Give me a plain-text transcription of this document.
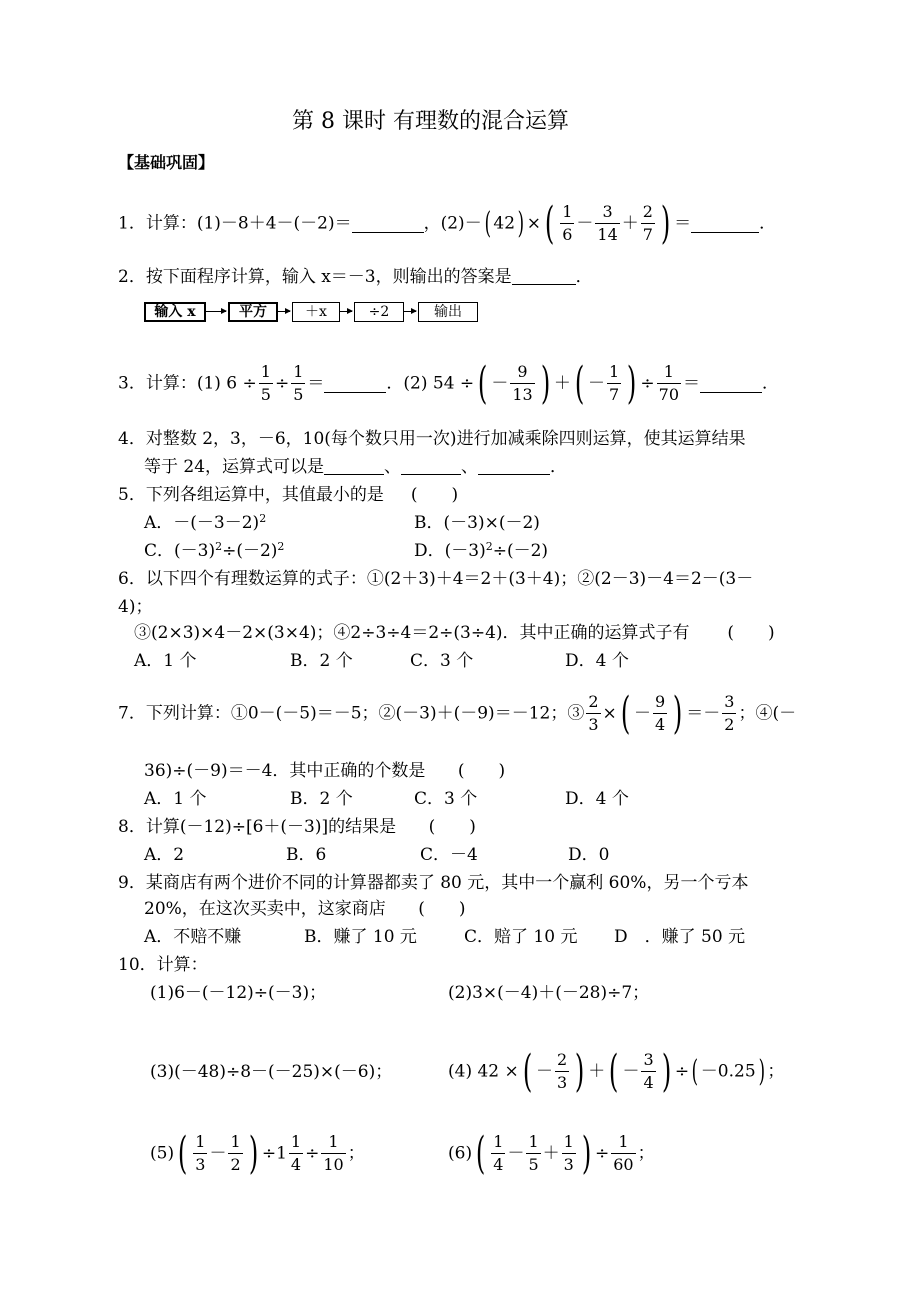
第 8 课时 有理数的混合运算
【基础巩固】
1．计算：(1)－8＋4－(－2)＝	，(2)－( 42) ×( $\frac{1}{6} - \frac{3}{14} + \frac{2}{7}$ ) ＝	．
2．按下面程序计算，输入 x＝－3，则输出的答案是	．
输入 x	平方	＋x	÷2	输出
3．计算：(1) $6 \div \frac{1}{5} \div \frac{1}{5}$ ＝	．(2) 54 ÷( － $\frac{9}{13}$ ) ＋( － $\frac{1}{7}$ ) ÷ $\frac{1}{70}$ ＝	．
4．对整数 2，3，－6，10(每个数只用一次)进行加减乘除四则运算，使其运算结果
等于 24，运算式可以是	、	、	．
5．下列各组运算中，其值最小的是 (　　)
A．$-(-3-2)^2$	B．(－3)×(－2)
C．$(-3)^2\div(-2)^2$	D．$(-3)^2\div(-2)$
6．以下四个有理数运算的式子：①(2＋3)＋4＝2＋(3＋4)；②(2－3)－4＝2－(3－
4)；
③(2×3)×4－2×(3×4)；④2÷3÷4＝2÷(3÷4)．其中正确的运算式子有 (　　)
A．1 个	B．2 个	C．3 个	D．4 个
7．下列计算：①0－(－5)＝－5；②(－3)＋(－9)＝－12；③ $\frac{2}{3}$ ×( － $\frac{9}{4}$ ) ＝－ $\frac{3}{2}$ ；④(－
36)÷(－9)＝－4．其中正确的个数是 (　　)
A．1 个	B．2 个	C．3 个	D．4 个
8．计算(－12)÷[6＋(－3)]的结果是 (　　)
A．2	B．6	C．－4	D．0
9．某商店有两个进价不同的计算器都卖了 80 元，其中一个赢利 60%，另一个亏本
20%，在这次买卖中，这家商店 (　　)
A．不赔不赚	B．赚了 10 元	C．赔了 10 元 D　．赚了 50 元
10．计算：
(1)6－(－12)÷(－3)；	(2)3×(－4)＋(－28)÷7；
(3)(－48)÷8－(－25)×(－6)；	(4) 42 ×( － $\frac{2}{3}$ ) ＋( － $\frac{3}{4}$ ) ÷( －0.25) ；
$(5)( \frac{1}{3} - \frac{1}{2}$ ) $\div 1 \frac{1}{4} \div \frac{1}{10}$ ；	$(6)( \frac{1}{4} - \frac{1}{5} + \frac{1}{3}$ ) ÷ $\frac{1}{60}$ ；
